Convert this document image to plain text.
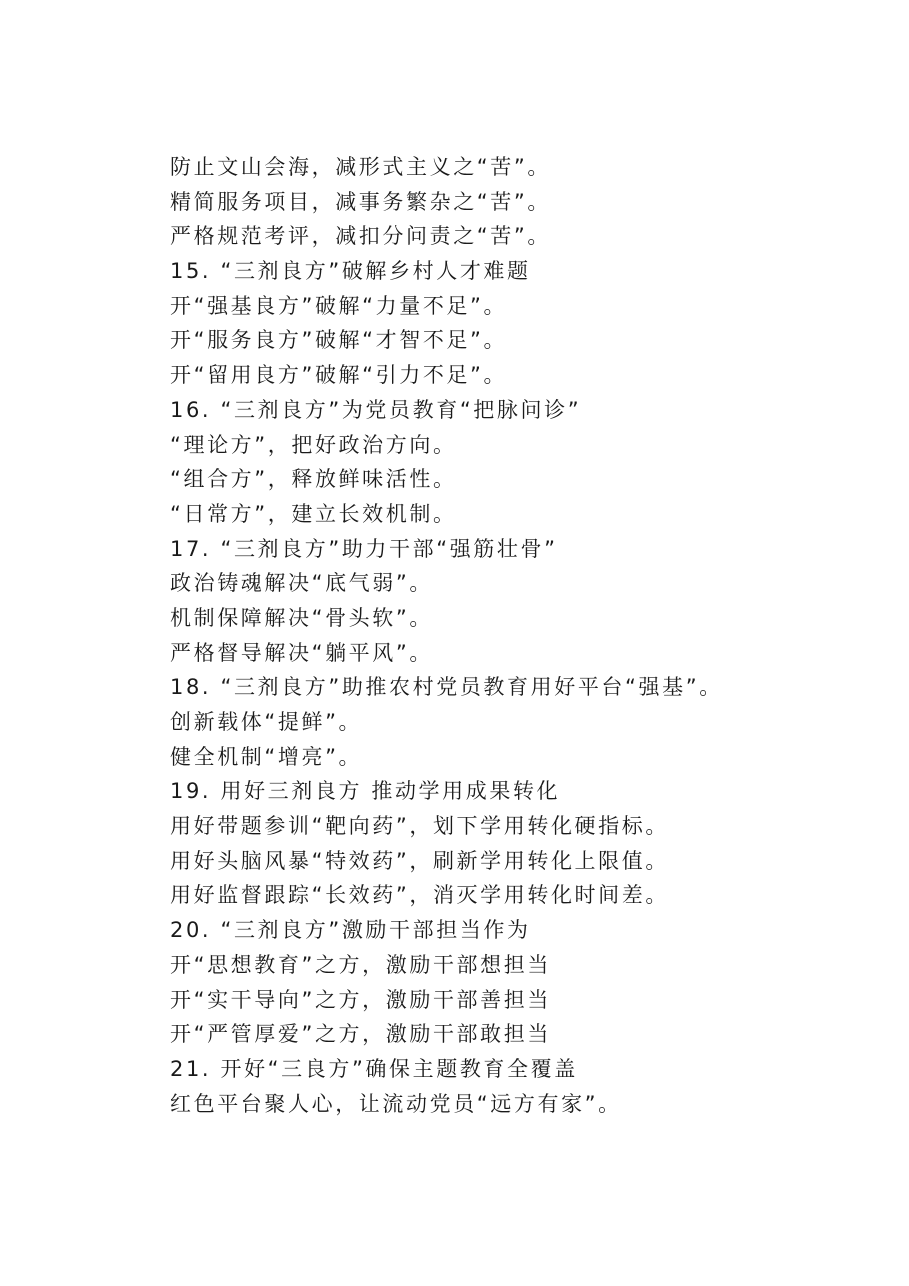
防止文山会海，减形式主义之“苦”。
精简服务项目，减事务繁杂之“苦”。
严格规范考评，减扣分问责之“苦”。
15. “三剂良方”破解乡村人才难题
开“强基良方”破解“力量不足”。
开“服务良方”破解“才智不足”。
开“留用良方”破解“引力不足”。
16. “三剂良方”为党员教育“把脉问诊”
“理论方”，把好政治方向。
“组合方”，释放鲜味活性。
“日常方”，建立长效机制。
17. “三剂良方”助力干部“强筋壮骨”
政治铸魂解决“底气弱”。
机制保障解决“骨头软”。
严格督导解决“躺平风”。
18. “三剂良方”助推农村党员教育用好平台“强基”。
创新载体“提鲜”。
健全机制“增亮”。
19. 用好三剂良方 推动学用成果转化
用好带题参训“靶向药”，划下学用转化硬指标。
用好头脑风暴“特效药”，刷新学用转化上限值。
用好监督跟踪“长效药”，消灭学用转化时间差。
20. “三剂良方”激励干部担当作为
开“思想教育”之方，激励干部想担当
开“实干导向”之方，激励干部善担当
开“严管厚爱”之方，激励干部敢担当
21. 开好“三良方”确保主题教育全覆盖
红色平台聚人心，让流动党员“远方有家”。
